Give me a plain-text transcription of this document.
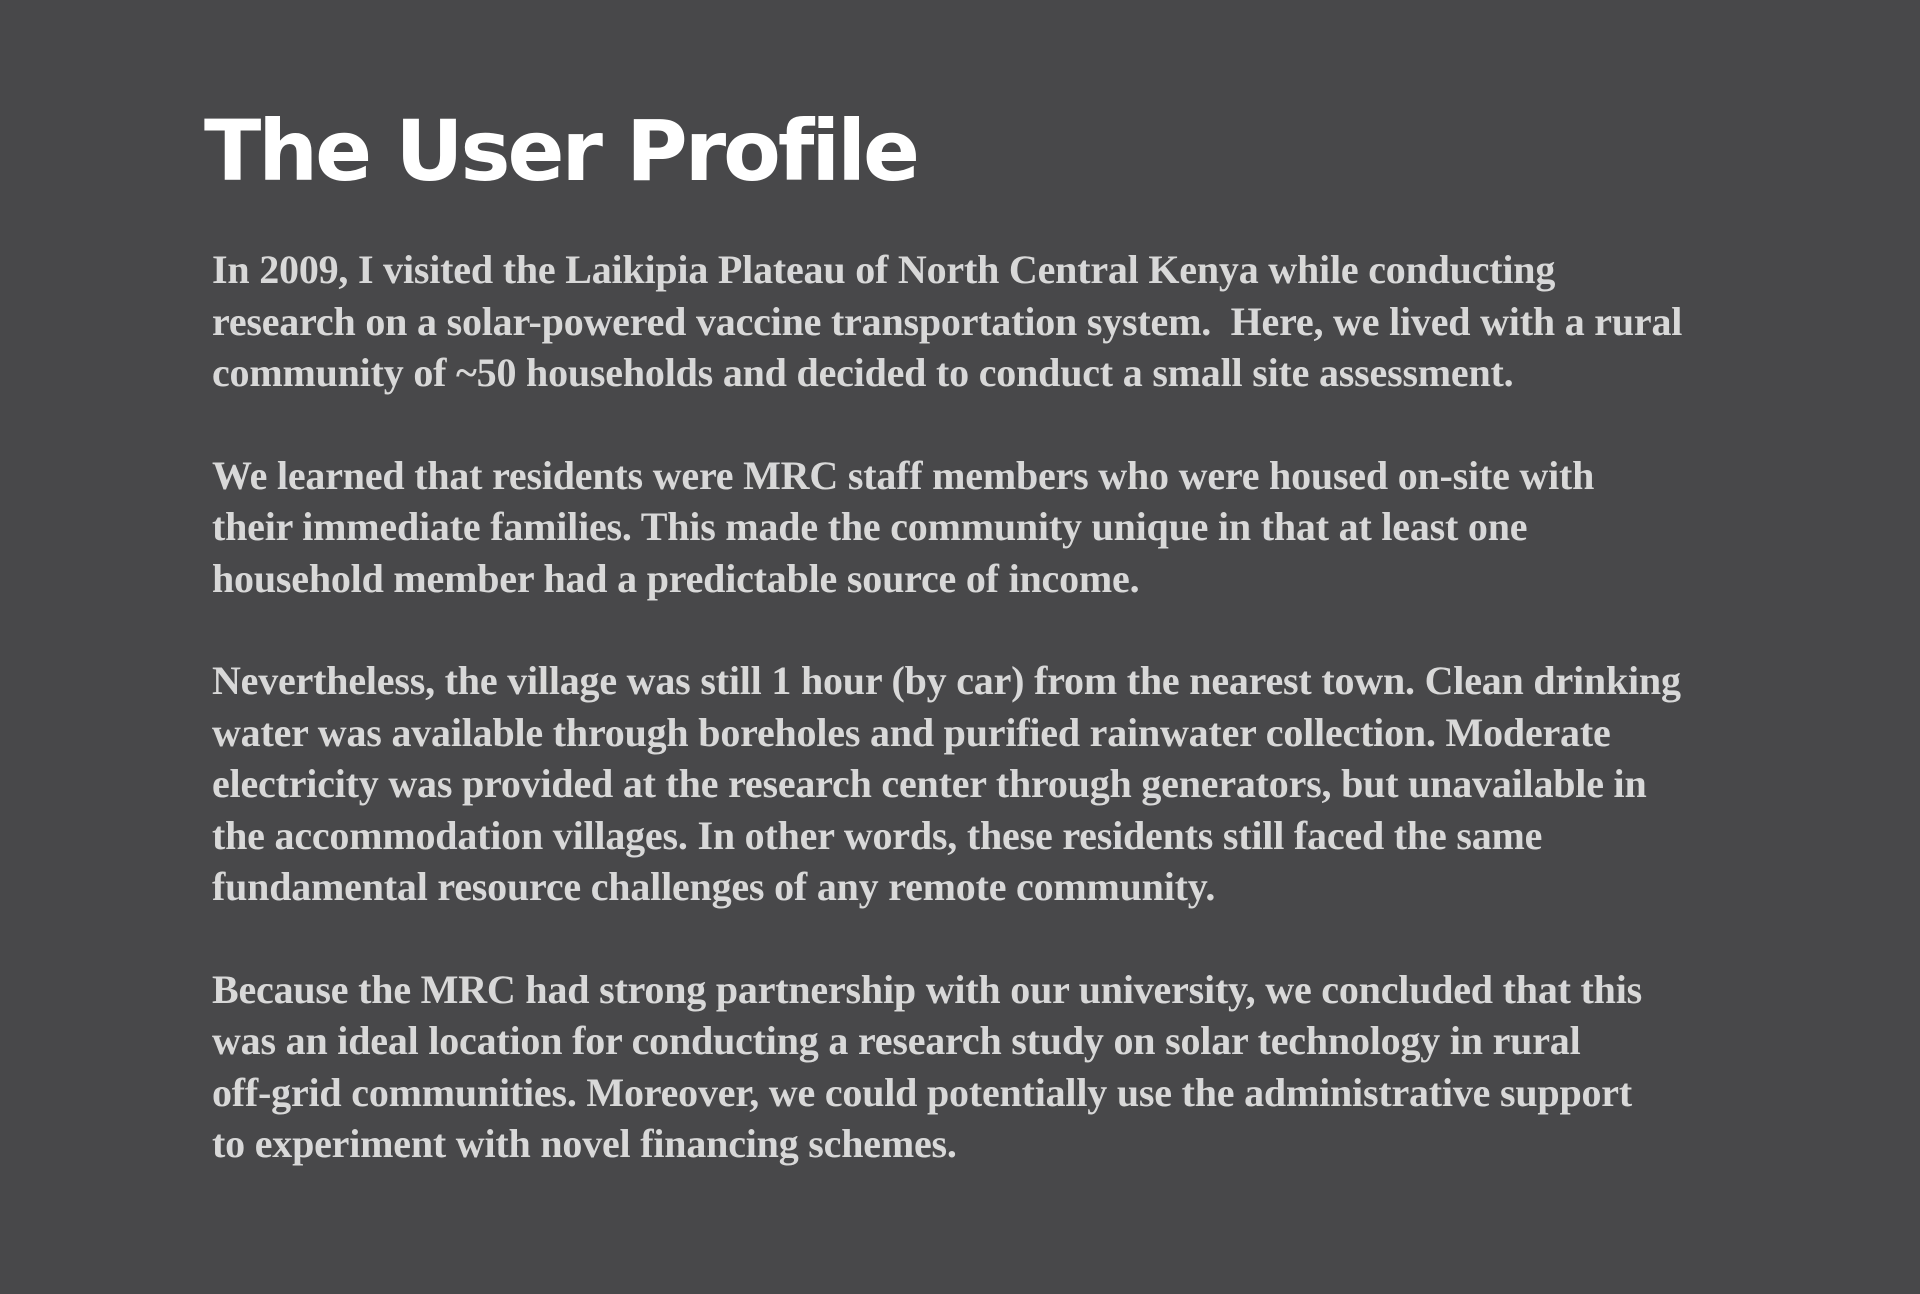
The User Profile

In 2009, I visited the Laikipia Plateau of North Central Kenya while conducting
research on a solar-powered vaccine transportation system.  Here, we lived with a rural
community of ~50 households and decided to conduct a small site assessment.

We learned that residents were MRC staff members who were housed on-site with
their immediate families. This made the community unique in that at least one
household member had a predictable source of income.

Nevertheless, the village was still 1 hour (by car) from the nearest town. Clean drinking
water was available through boreholes and purified rainwater collection. Moderate
electricity was provided at the research center through generators, but unavailable in
the accommodation villages. In other words, these residents still faced the same
fundamental resource challenges of any remote community.

Because the MRC had strong partnership with our university, we concluded that this
was an ideal location for conducting a research study on solar technology in rural
off-grid communities. Moreover, we could potentially use the administrative support
to experiment with novel financing schemes.
